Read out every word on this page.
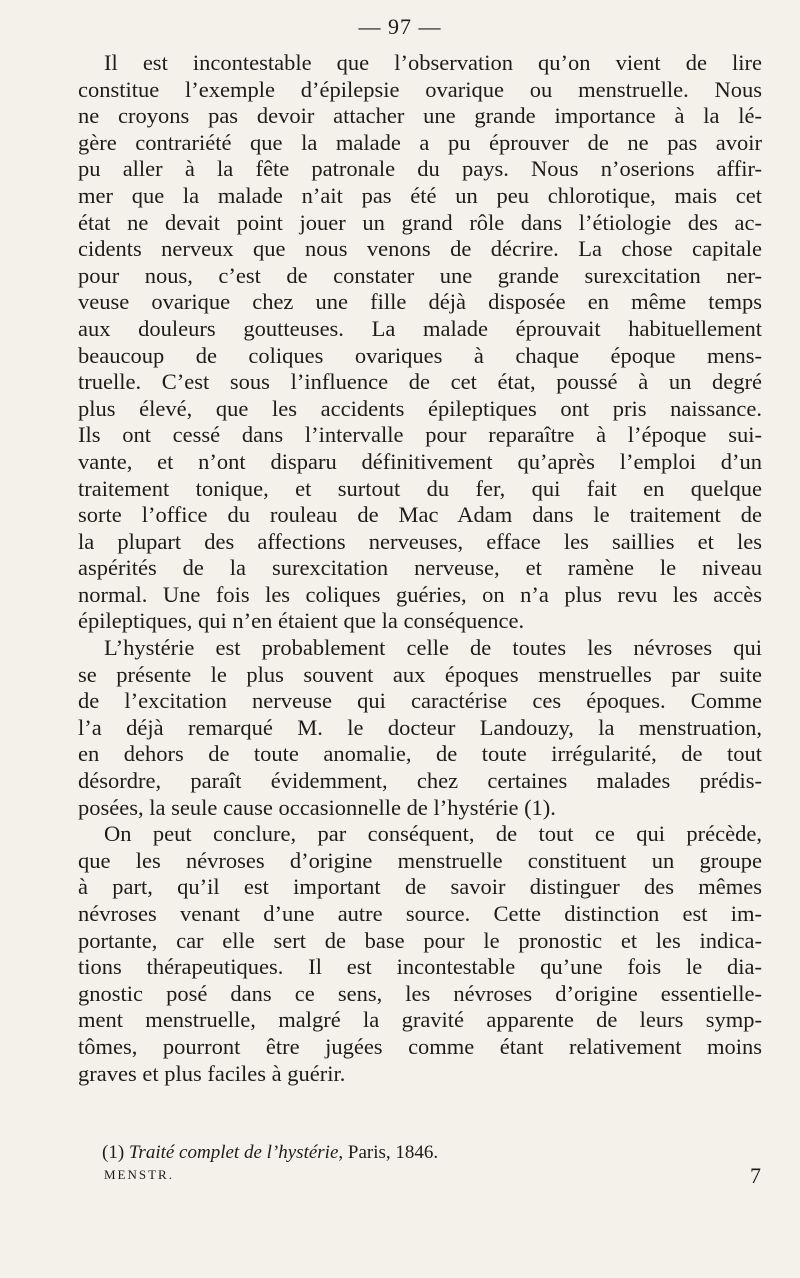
— 97 —
Il est incontestable que l’observation qu’on vient de lire
constitue l’exemple d’épilepsie ovarique ou menstruelle. Nous
ne croyons pas devoir attacher une grande importance à la lé-
gère contrariété que la malade a pu éprouver de ne pas avoir
pu aller à la fête patronale du pays. Nous n’oserions affir-
mer que la malade n’ait pas été un peu chlorotique, mais cet
état ne devait point jouer un grand rôle dans l’étiologie des ac-
cidents nerveux que nous venons de décrire. La chose capitale
pour nous, c’est de constater une grande surexcitation ner-
veuse ovarique chez une fille déjà disposée en même temps
aux douleurs goutteuses. La malade éprouvait habituellement
beaucoup de coliques ovariques à chaque époque mens-
truelle. C’est sous l’influence de cet état, poussé à un degré
plus élevé, que les accidents épileptiques ont pris naissance.
Ils ont cessé dans l’intervalle pour reparaître à l’époque sui-
vante, et n’ont disparu définitivement qu’après l’emploi d’un
traitement tonique, et surtout du fer, qui fait en quelque
sorte l’office du rouleau de Mac Adam dans le traitement de
la plupart des affections nerveuses, efface les saillies et les
aspérités de la surexcitation nerveuse, et ramène le niveau
normal. Une fois les coliques guéries, on n’a plus revu les accès
épileptiques, qui n’en étaient que la conséquence.
L’hystérie est probablement celle de toutes les névroses qui
se présente le plus souvent aux époques menstruelles par suite
de l’excitation nerveuse qui caractérise ces époques. Comme
l’a déjà remarqué M. le docteur Landouzy, la menstruation,
en dehors de toute anomalie, de toute irrégularité, de tout
désordre, paraît évidemment, chez certaines malades prédis-
posées, la seule cause occasionnelle de l’hystérie (1).
On peut conclure, par conséquent, de tout ce qui précède,
que les névroses d’origine menstruelle constituent un groupe
à part, qu’il est important de savoir distinguer des mêmes
névroses venant d’une autre source. Cette distinction est im-
portante, car elle sert de base pour le pronostic et les indica-
tions thérapeutiques. Il est incontestable qu’une fois le dia-
gnostic posé dans ce sens, les névroses d’origine essentielle-
ment menstruelle, malgré la gravité apparente de leurs symp-
tômes, pourront être jugées comme étant relativement moins
graves et plus faciles à guérir.
(1) Traité complet de l’hystérie, Paris, 1846.
MENSTR.	7
